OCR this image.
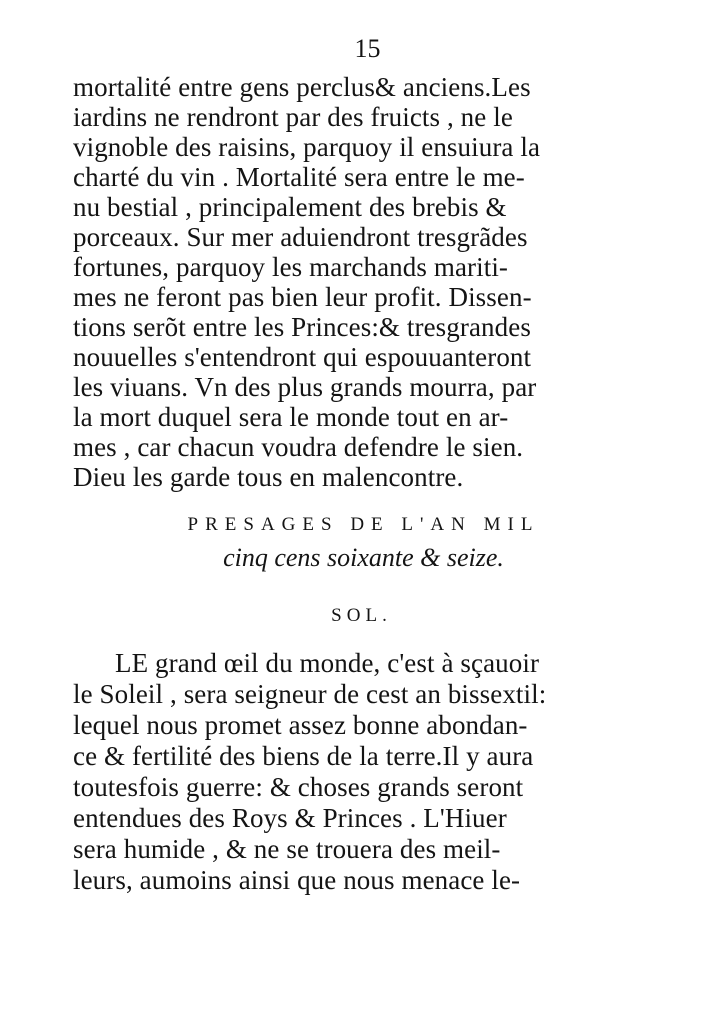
15
mortalité entre gens perclus& anciens.Les
iardins ne rendront par des fruicts , ne le
vignoble des raisins, parquoy il ensuiura la
charté du vin . Mortalité sera entre le me-
nu bestial , principalement des brebis &
porceaux. Sur mer aduiendront tresgrãdes
fortunes, parquoy les marchands mariti-
mes ne feront pas bien leur profit. Dissen-
tions serõt entre les Princes:& tresgrandes
nouuelles s'entendront qui espouuanteront
les viuans. Vn des plus grands mourra, par
la mort duquel sera le monde tout en ar-
mes , car chacun voudra defendre le sien.
Dieu les garde tous en malencontre.
PRESAGES DE L'AN MIL
cinq cens soixante & seize.
SOL.
LE grand œil du monde, c'est à sçauoir
le Soleil , sera seigneur de cest an bissextil:
lequel nous promet assez bonne abondan-
ce & fertilité des biens de la terre.Il y aura
toutesfois guerre: & choses grands seront
entendues des Roys & Princes . L'Hiuer
sera humide , & ne se trouera des meil-
leurs, aumoins ainsi que nous menace le-
